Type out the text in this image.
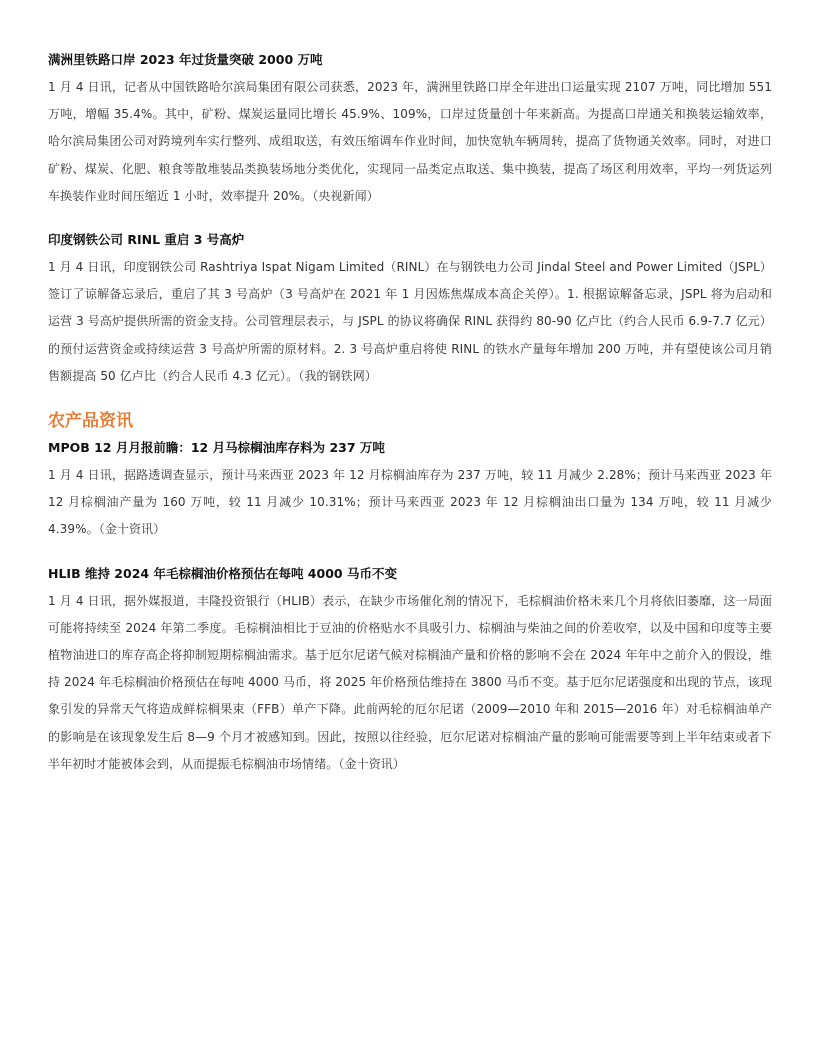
满洲里铁路口岸 2023 年过货量突破 2000 万吨

1 月 4 日讯，记者从中国铁路哈尔滨局集团有限公司获悉，2023 年，满洲里铁路口岸全年进出口运量实现 2107 万吨，同比增加 551 万吨，增幅 35.4%。其中，矿粉、煤炭运量同比增长 45.9%、109%，口岸过货量创十年来新高。为提高口岸通关和换装运输效率，哈尔滨局集团公司对跨境列车实行整列、成组取送，有效压缩调车作业时间，加快宽轨车辆周转，提高了货物通关效率。同时，对进口矿粉、煤炭、化肥、粮食等散堆装品类换装场地分类优化，实现同一品类定点取送、集中换装，提高了场区利用效率，平均一列货运列车换装作业时间压缩近 1 小时，效率提升 20%。（央视新闻）

印度钢铁公司 RINL 重启 3 号高炉

1 月 4 日讯，印度钢铁公司 Rashtriya Ispat Nigam Limited（RINL）在与钢铁电力公司 Jindal Steel and Power Limited（JSPL）签订了谅解备忘录后，重启了其 3 号高炉（3 号高炉在 2021 年 1 月因炼焦煤成本高企关停）。1. 根据谅解备忘录，JSPL 将为启动和运营 3 号高炉提供所需的资金支持。公司管理层表示，与 JSPL 的协议将确保 RINL 获得约 80-90 亿卢比（约合人民币 6.9-7.7 亿元）的预付运营资金或持续运营 3 号高炉所需的原材料。2. 3 号高炉重启将使 RINL 的铁水产量每年增加 200 万吨，并有望使该公司月销售额提高 50 亿卢比（约合人民币 4.3 亿元）。（我的钢铁网）

农产品资讯
MPOB 12 月月报前瞻：12 月马棕榈油库存料为 237 万吨

1 月 4 日讯，据路透调查显示，预计马来西亚 2023 年 12 月棕榈油库存为 237 万吨，较 11 月减少 2.28%；预计马来西亚 2023 年 12 月棕榈油产量为 160 万吨，较 11 月减少 10.31%；预计马来西亚 2023 年 12 月棕榈油出口量为 134 万吨，较 11 月减少 4.39%。（金十资讯）

HLIB 维持 2024 年毛棕榈油价格预估在每吨 4000 马币不变

1 月 4 日讯，据外媒报道，丰隆投资银行（HLIB）表示，在缺少市场催化剂的情况下，毛棕榈油价格未来几个月将依旧萎靡，这一局面可能将持续至 2024 年第二季度。毛棕榈油相比于豆油的价格贴水不具吸引力、棕榈油与柴油之间的价差收窄，以及中国和印度等主要植物油进口的库存高企将抑制短期棕榈油需求。基于厄尔尼诺气候对棕榈油产量和价格的影响不会在 2024 年年中之前介入的假设，维持 2024 年毛棕榈油价格预估在每吨 4000 马币，将 2025 年价格预估维持在 3800 马币不变。基于厄尔尼诺强度和出现的节点，该现象引发的异常天气将造成鲜棕榈果束（FFB）单产下降。此前两轮的厄尔尼诺（2009—2010 年和 2015—2016 年）对毛棕榈油单产的影响是在该现象发生后 8—9 个月才被感知到。因此，按照以往经验，厄尔尼诺对棕榈油产量的影响可能需要等到上半年结束或者下半年初时才能被体会到，从而提振毛棕榈油市场情绪。（金十资讯）
